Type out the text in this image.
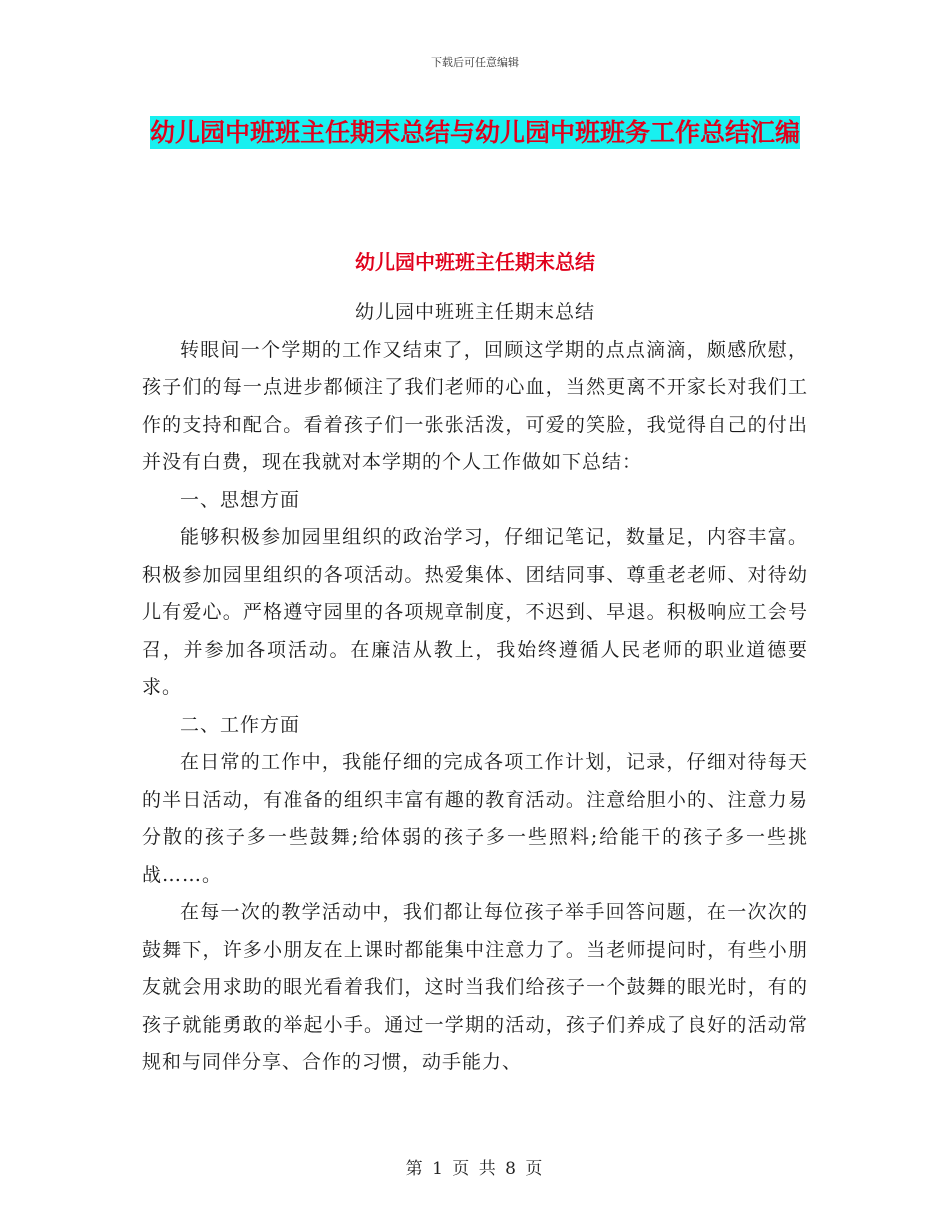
下载后可任意编辑
幼儿园中班班主任期末总结与幼儿园中班班务工作总结汇编
幼儿园中班班主任期末总结

幼儿园中班班主任期末总结

转眼间一个学期的工作又结束了，回顾这学期的点点滴滴，颇感欣慰，孩子们的每一点进步都倾注了我们老师的心血，当然更离不开家长对我们工作的支持和配合。看着孩子们一张张活泼，可爱的笑脸，我觉得自己的付出并没有白费，现在我就对本学期的个人工作做如下总结：

一、思想方面

能够积极参加园里组织的政治学习，仔细记笔记，数量足，内容丰富。积极参加园里组织的各项活动。热爱集体、团结同事、尊重老老师、对待幼儿有爱心。严格遵守园里的各项规章制度，不迟到、早退。积极响应工会号召，并参加各项活动。在廉洁从教上，我始终遵循人民老师的职业道德要求。

二、工作方面

在日常的工作中，我能仔细的完成各项工作计划，记录，仔细对待每天的半日活动，有准备的组织丰富有趣的教育活动。注意给胆小的、注意力易分散的孩子多一些鼓舞;给体弱的孩子多一些照料;给能干的孩子多一些挑战……。

在每一次的教学活动中，我们都让每位孩子举手回答问题，在一次次的鼓舞下，许多小朋友在上课时都能集中注意力了。当老师提问时，有些小朋友就会用求助的眼光看着我们，这时当我们给孩子一个鼓舞的眼光时，有的孩子就能勇敢的举起小手。通过一学期的活动，孩子们养成了良好的活动常规和与同伴分享、合作的习惯，动手能力、

第 1 页 共 8 页
